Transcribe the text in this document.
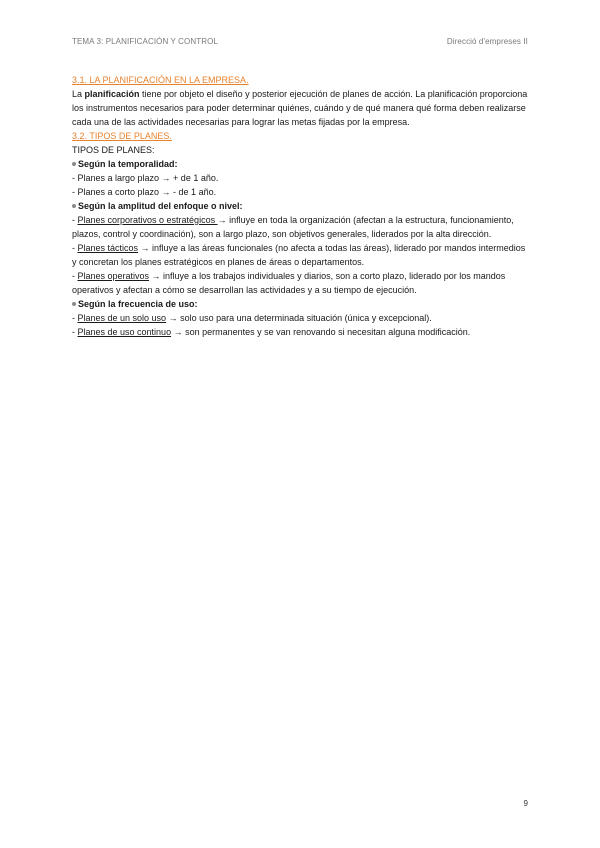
TEMA 3: PLANIFICACIÓN Y CONTROL	Direcció d'empreses II

3.1. LA PLANIFICACIÓN EN LA EMPRESA.

La planificación tiene por objeto el diseño y posterior ejecución de planes de acción. La planificación proporciona los instrumentos necesarios para poder determinar quiénes, cuándo y de qué manera qué forma deben realizarse cada una de las actividades necesarias para lograr las metas fijadas por la empresa.

3.2. TIPOS DE PLANES.

TIPOS DE PLANES:

Según la temporalidad:

- Planes a largo plazo → + de 1 año.

- Planes a corto plazo → - de 1 año.

Según la amplitud del enfoque o nivel:

- Planes corporativos o estratégicos → influye en toda la organización (afectan a la estructura, funcionamiento, plazos, control y coordinación), son a largo plazo, son objetivos generales, liderados por la alta dirección.

- Planes tácticos → influye a las áreas funcionales (no afecta a todas las áreas), liderado por mandos intermedios y concretan los planes estratégicos en planes de áreas o departamentos.

- Planes operativos → influye a los trabajos individuales y diarios, son a corto plazo, liderado por los mandos operativos y afectan a cómo se desarrollan las actividades y a su tiempo de ejecución.

Según la frecuencia de uso:

- Planes de un solo uso → solo uso para una determinada situación (única y excepcional).

- Planes de uso continuo → son permanentes y se van renovando si necesitan alguna modificación.

9
